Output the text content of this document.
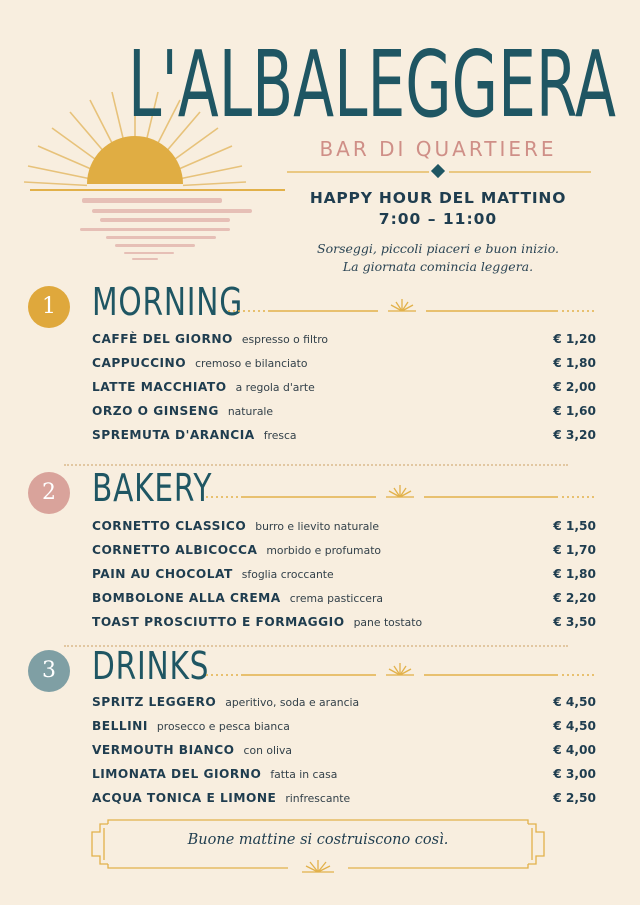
L'ALBALEGGERA
BAR DI QUARTIERE
HAPPY HOUR DEL MATTINO
7:00 – 11:00
Sorseggi, piccoli piaceri e buon inizio.
La giornata comincia leggera.
1 MORNING
CAFFÈ DEL GIORNO espresso o filtro	€ 1,20
CAPPUCCINO cremoso e bilanciato	€ 1,80
LATTE MACCHIATO a regola d'arte	€ 2,00
ORZO O GINSENG naturale	€ 1,60
SPREMUTA D'ARANCIA fresca	€ 3,20
2 BAKERY
CORNETTO CLASSICO burro e lievito naturale	€ 1,50
CORNETTO ALBICOCCA morbido e profumato	€ 1,70
PAIN AU CHOCOLAT sfoglia croccante	€ 1,80
BOMBOLONE ALLA CREMA crema pasticcera	€ 2,20
TOAST PROSCIUTTO E FORMAGGIO pane tostato	€ 3,50
3 DRINKS
SPRITZ LEGGERO aperitivo, soda e arancia	€ 4,50
BELLINI prosecco e pesca bianca	€ 4,50
VERMOUTH BIANCO con oliva	€ 4,00
LIMONATA DEL GIORNO fatta in casa	€ 3,00
ACQUA TONICA E LIMONE rinfrescante	€ 2,50
Buone mattine si costruiscono così.
